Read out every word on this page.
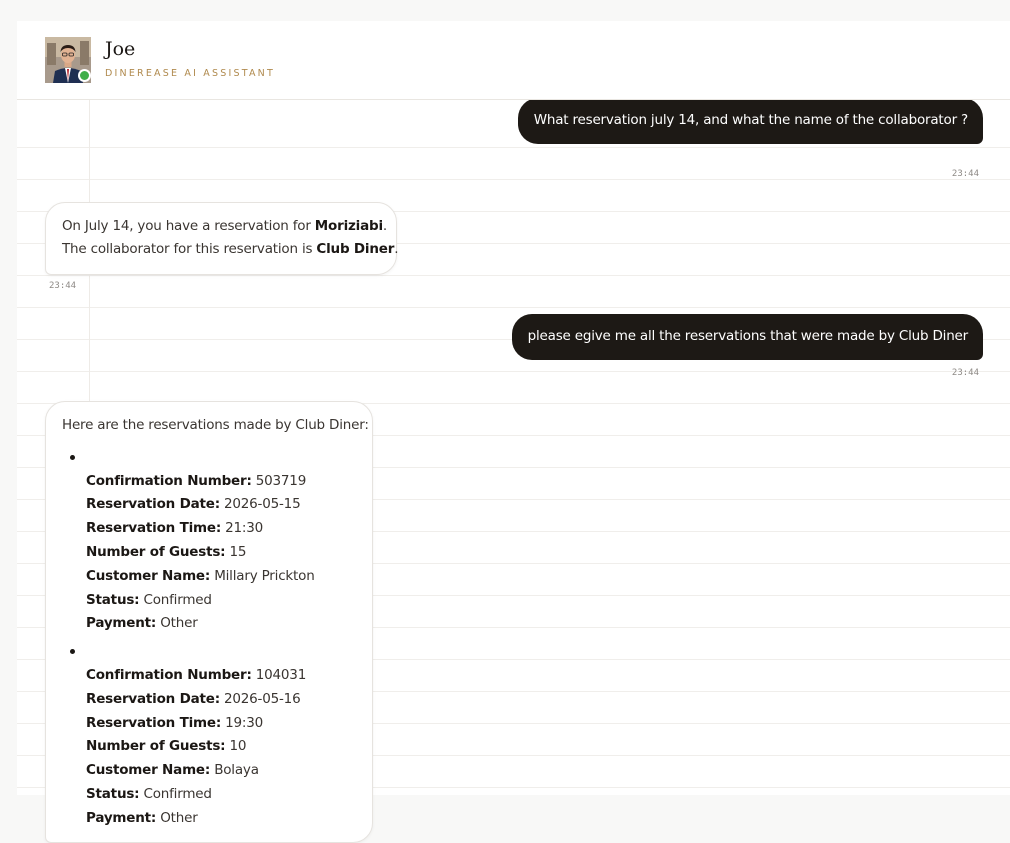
Joe
DINEREASE AI ASSISTANT
What reservation july 14, and what the name of the collaborator ?
23:44
On July 14, you have a reservation for Moriziabi.
The collaborator for this reservation is Club Diner.
23:44
please egive me all the reservations that were made by Club Diner
23:44
Here are the reservations made by Club Diner:
Confirmation Number: 503719
Reservation Date: 2026-05-15
Reservation Time: 21:30
Number of Guests: 15
Customer Name: Millary Prickton
Status: Confirmed
Payment: Other
Confirmation Number: 104031
Reservation Date: 2026-05-16
Reservation Time: 19:30
Number of Guests: 10
Customer Name: Bolaya
Status: Confirmed
Payment: Other
